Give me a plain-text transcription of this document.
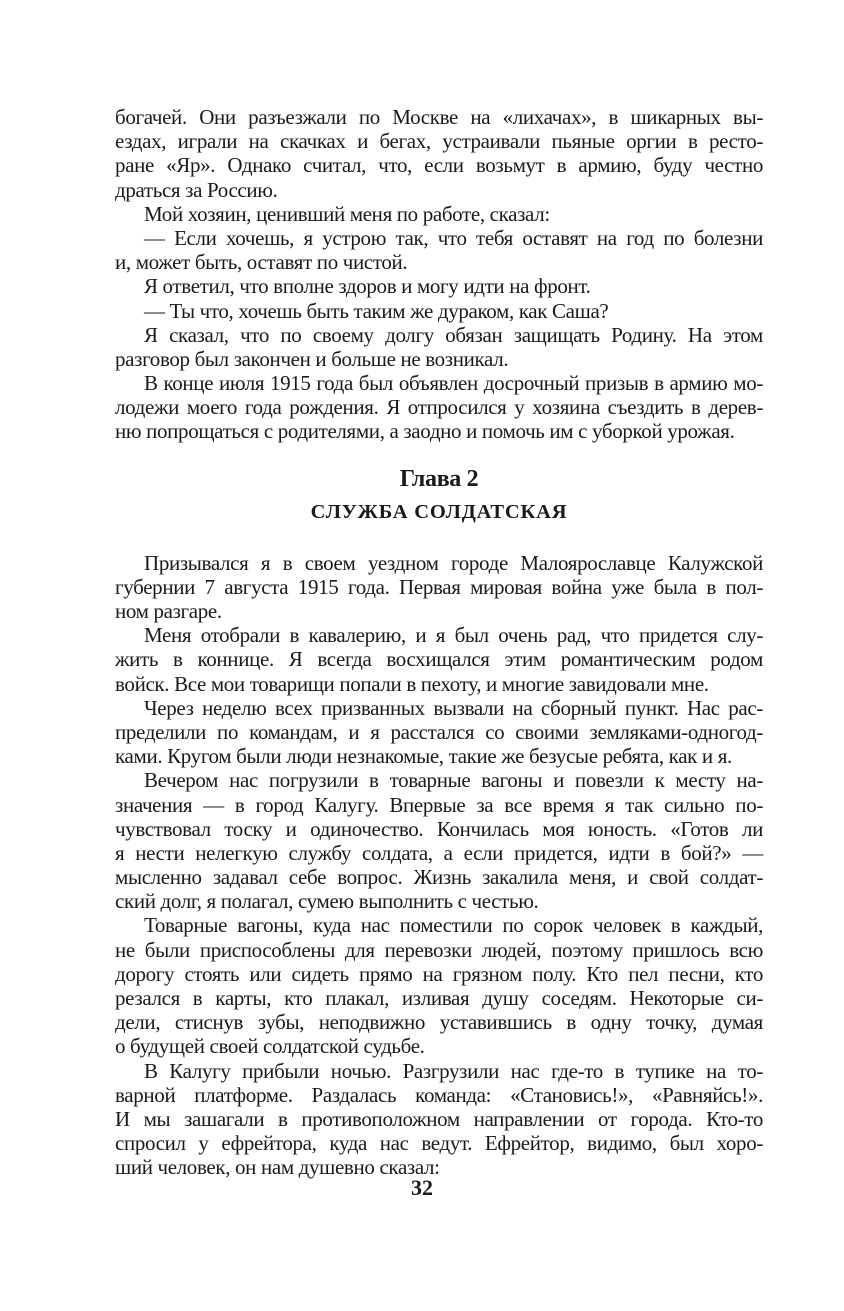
богачей. Они разъезжали по Москве на «лихачах», в шикарных вы-
ездах, играли на скачках и бегах, устраивали пьяные оргии в ресто-
ране «Яр». Однако считал, что, если возьмут в армию, буду честно
драться за Россию.
Мой хозяин, ценивший меня по работе, сказал:
— Если хочешь, я устрою так, что тебя оставят на год по болезни
и, может быть, оставят по чистой.
Я ответил, что вполне здоров и могу идти на фронт.
— Ты что, хочешь быть таким же дураком, как Саша?
Я сказал, что по своему долгу обязан защищать Родину. На этом
разговор был закончен и больше не возникал.
В конце июля 1915 года был объявлен досрочный призыв в армию мо-
лодежи моего года рождения. Я отпросился у хозяина съездить в дерев-
ню попрощаться с родителями, а заодно и помочь им с уборкой урожая.
Глава 2
СЛУЖБА СОЛДАТСКАЯ
Призывался я в своем уездном городе Малоярославце Калужской
губернии 7 августа 1915 года. Первая мировая война уже была в пол-
ном разгаре.
Меня отобрали в кавалерию, и я был очень рад, что придется слу-
жить в коннице. Я всегда восхищался этим романтическим родом
войск. Все мои товарищи попали в пехоту, и многие завидовали мне.
Через неделю всех призванных вызвали на сборный пункт. Нас рас-
пределили по командам, и я расстался со своими земляками-одногод-
ками. Кругом были люди незнакомые, такие же безусые ребята, как и я.
Вечером нас погрузили в товарные вагоны и повезли к месту на-
значения — в город Калугу. Впервые за все время я так сильно по-
чувствовал тоску и одиночество. Кончилась моя юность. «Готов ли
я нести нелегкую службу солдата, а если придется, идти в бой?» —
мысленно задавал себе вопрос. Жизнь закалила меня, и свой солдат-
ский долг, я полагал, сумею выполнить с честью.
Товарные вагоны, куда нас поместили по сорок человек в каждый,
не были приспособлены для перевозки людей, поэтому пришлось всю
дорогу стоять или сидеть прямо на грязном полу. Кто пел песни, кто
резался в карты, кто плакал, изливая душу соседям. Некоторые си-
дели, стиснув зубы, неподвижно уставившись в одну точку, думая
о будущей своей солдатской судьбе.
В Калугу прибыли ночью. Разгрузили нас где-то в тупике на то-
варной платформе. Раздалась команда: «Становись!», «Равняйсь!».
И мы зашагали в противоположном направлении от города. Кто-то
спросил у ефрейтора, куда нас ведут. Ефрейтор, видимо, был хоро-
ший человек, он нам душевно сказал:
32
